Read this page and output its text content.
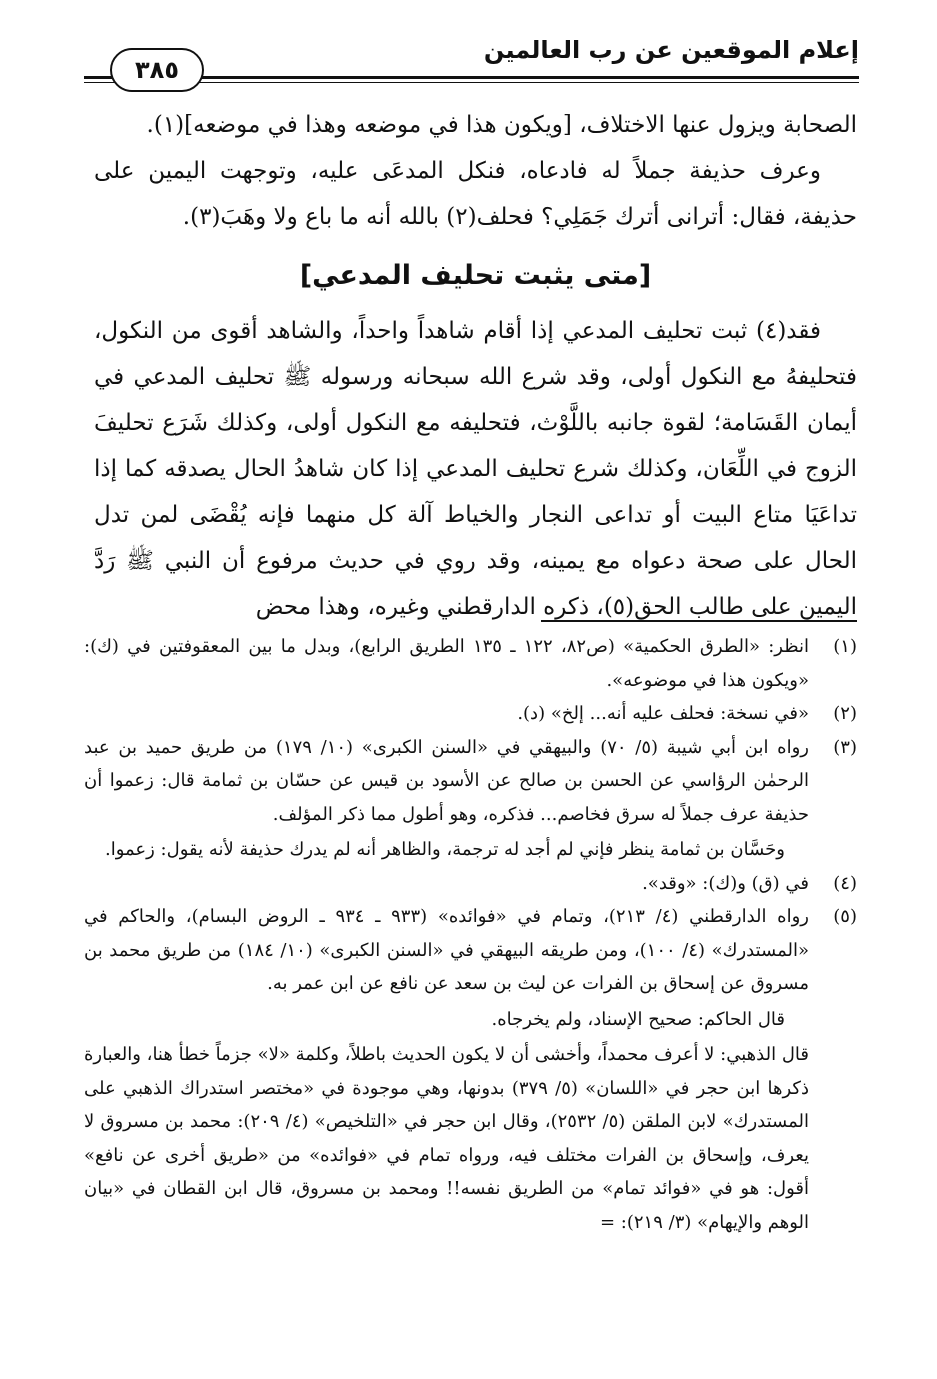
إعلام الموقعين عن رب العالمين
٣٨٥

الصحابة ويزول عنها الاختلاف، [ويكون هذا في موضعه وهذا في موضعه](١).

وعرف حذيفة جملاً له فادعاه، فنكل المدعَى عليه، وتوجهت اليمين على حذيفة، فقال: أترانى أترك جَمَلِي؟ فحلف(٢) بالله أنه ما باع ولا وهَبَ(٣).

[متى يثبت تحليف المدعي]

فقد(٤) ثبت تحليف المدعي إذا أقام شاهداً واحداً، والشاهد أقوى من النكول، فتحليفهُ مع النكول أولى، وقد شرع الله سبحانه ورسوله ﷺ تحليف المدعي في أيمان القَسَامة؛ لقوة جانبه باللَّوْث، فتحليفه مع النكول أولى، وكذلك شَرَع تحليفَ الزوج في اللِّعَان، وكذلك شرع تحليف المدعي إذا كان شاهدُ الحال يصدقه كما إذا تداعَيَا متاع البيت أو تداعى النجار والخياط آلة كل منهما فإنه يُقْضَى لمن تدل الحال على صحة دعواه مع يمينه، وقد روي في حديث مرفوع أن النبي ﷺ رَدَّ اليمين على طالب الحق(٥)، ذكره الدارقطني وغيره، وهذا محض

(١)
انظر: «الطرق الحكمية» (ص٨٢، ١٢٢ ـ ١٣٥ الطريق الرابع)، وبدل ما بين المعقوفتين في (ك): «ويكون هذا في موضوعه».
(٢)
«في نسخة: فحلف عليه أنه... إلخ» (د).
(٣)
رواه ابن أبي شيبة (٥/ ٧٠) والبيهقي في «السنن الكبرى» (١٠/ ١٧٩) من طريق حميد بن عبد الرحمٰن الرؤاسي عن الحسن بن صالح عن الأسود بن قيس عن حسّان بن ثمامة قال: زعموا أن حذيفة عرف جملاً له سرق فخاصم... فذكره، وهو أطول مما ذكر المؤلف.
وحَسَّان بن ثمامة ينظر فإني لم أجد له ترجمة، والظاهر أنه لم يدرك حذيفة لأنه يقول: زعموا.
(٤)
في (ق) و(ك): «وقد».
(٥)
رواه الدارقطني (٤/ ٢١٣)، وتمام في «فوائده» (٩٣٣ ـ ٩٣٤ ـ الروض البسام)، والحاكم في «المستدرك» (٤/ ١٠٠)، ومن طريقه البيهقي في «السنن الكبرى» (١٠/ ١٨٤) من طريق محمد بن مسروق عن إسحاق بن الفرات عن ليث بن سعد عن نافع عن ابن عمر به.
قال الحاكم: صحيح الإسناد، ولم يخرجاه.
قال الذهبي: لا أعرف محمداً، وأخشى أن لا يكون الحديث باطلاً، وكلمة «لا» جزماً خطأ هنا، والعبارة ذكرها ابن حجر في «اللسان» (٥/ ٣٧٩) بدونها، وهي موجودة في «مختصر استدراك الذهبي على المستدرك» لابن الملقن (٥/ ٢٥٣٢)، وقال ابن حجر في «التلخيص» (٤/ ٢٠٩): محمد بن مسروق لا يعرف، وإسحاق بن الفرات مختلف فيه، ورواه تمام في «فوائده» من «طريق أخرى عن نافع» أقول: هو في «فوائد تمام» من الطريق نفسه!! ومحمد بن مسروق، قال ابن القطان في «بيان الوهم والإيهام» (٣/ ٢١٩): =
